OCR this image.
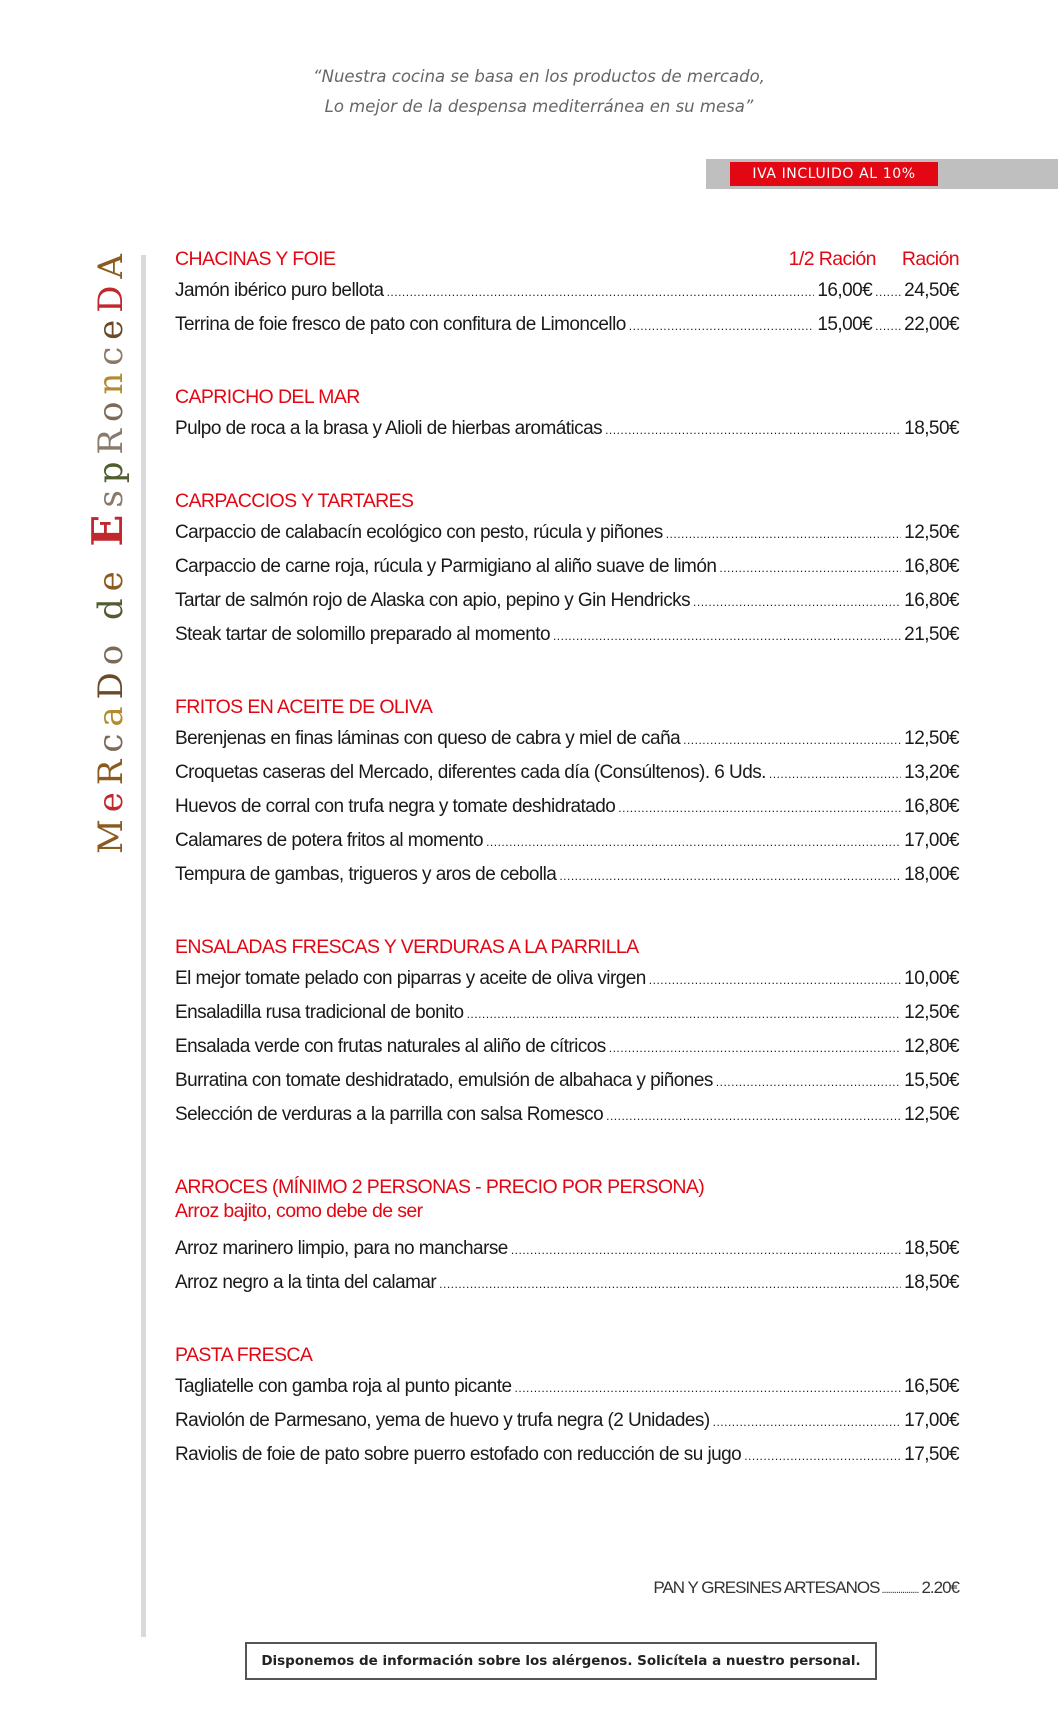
“Nuestra cocina se basa en los productos de mercado,
Lo mejor de la despensa mediterránea en su mesa”
IVA INCLUIDO AL 10%
MeRcaDo de EspRonceDA CHACINAS Y FOIE	1/2 Ración Ración
Jamón ibérico puro bellota .....	16,00€ ..... 24,50€
Terrina de foie fresco de pato con confitura de Limoncello .....	15,00€ ..... 22,00€
CAPRICHO DEL MAR
Pulpo de roca a la brasa y Alioli de hierbas aromáticas .....	18,50€
CARPACCIOS Y TARTARES
Carpaccio de calabacín ecológico con pesto, rúcula y piñones .....	12,50€
Carpaccio de carne roja, rúcula y Parmigiano al aliño suave de limón .....	16,80€
Tartar de salmón rojo de Alaska con apio, pepino y Gin Hendricks .....	16,80€
Steak tartar de solomillo preparado al momento .....	21,50€
FRITOS EN ACEITE DE OLIVA
Berenjenas en finas láminas con queso de cabra y miel de caña .....	12,50€
Croquetas caseras del Mercado, diferentes cada día (Consúltenos). 6 Uds. .....	13,20€
Huevos de corral con trufa negra y tomate deshidratado .....	16,80€
Calamares de potera fritos al momento .....	17,00€
Tempura de gambas, trigueros y aros de cebolla .....	18,00€
ENSALADAS FRESCAS Y VERDURAS A LA PARRILLA
El mejor tomate pelado con piparras y aceite de oliva virgen .....	10,00€
Ensaladilla rusa tradicional de bonito .....	12,50€
Ensalada verde con frutas naturales al aliño de cítricos .....	12,80€
Burratina con tomate deshidratado, emulsión de albahaca y piñones .....	15,50€
Selección de verduras a la parrilla con salsa Romesco .....	12,50€
ARROCES (MÍNIMO 2 PERSONAS - PRECIO POR PERSONA)
Arroz bajito, como debe de ser
Arroz marinero limpio, para no mancharse .....	18,50€
Arroz negro a la tinta del calamar .....	18,50€
PASTA FRESCA
Tagliatelle con gamba roja al punto picante .....	16,50€
Raviolón de Parmesano, yema de huevo y trufa negra (2 Unidades) .....	17,00€
Raviolis de foie de pato sobre puerro estofado con reducción de su jugo .....	17,50€
PAN Y GRESINES ARTESANOS ..... 2.20€
Disponemos de información sobre los alérgenos. Solicítela a nuestro personal.
